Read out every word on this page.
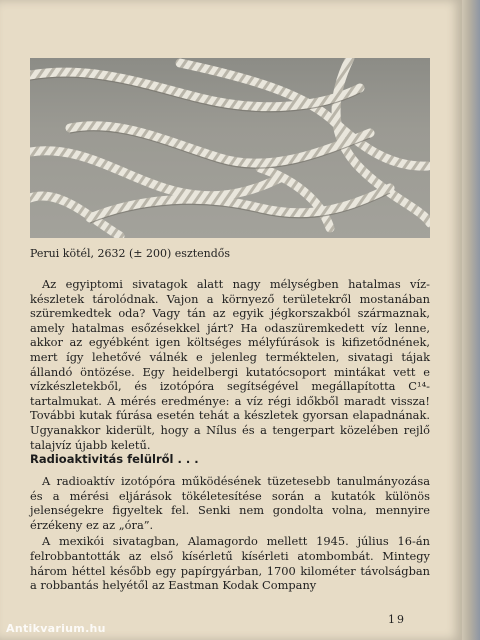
Perui kötél, 2632 (± 200) esztendős

Az egyiptomi sivatagok alatt nagy mélységben hatalmas vízkészletek tárolódnak. Vajon a környező területekről mostanában szüremkedtek oda? Vagy tán az egyik jégkorszakból származnak, amely hatalmas esőzésekkel járt? Ha odaszüremkedett víz lenne, akkor az egyébként igen költséges mélyfúrások is kifizetődnének, mert így lehetővé válnék e jelenleg terméktelen, sivatagi tájak állandó öntözése. Egy heidelbergi kutatócsoport mintákat vett e vízkészletekből, és izotópóra segítségével megállapította C¹⁴-tartalmukat. A mérés eredménye: a víz régi időkből maradt vissza! További kutak fúrása esetén tehát a készletek gyorsan elapadnának. Ugyanakkor kiderült, hogy a Nílus és a tengerpart közelében rejlő talajvíz újabb keletű.

Radioaktivitás felülről . . .

A radioaktív izotópóra működésének tüzetesebb tanulmányozása és a mérési eljárások tökéletesítése során a kutatók különös jelenségekre figyeltek fel. Senki nem gondolta volna, mennyire érzékeny ez az „óra”.

A mexikói sivatagban, Alamagordo mellett 1945. július 16-án felrobbantották az első kísérletű kísérleti atombombát. Mintegy három héttel később egy papírgyárban, 1700 kilométer távolságban a robbantás helyétől az Eastman Kodak Company

19
Antikvarium.hu
